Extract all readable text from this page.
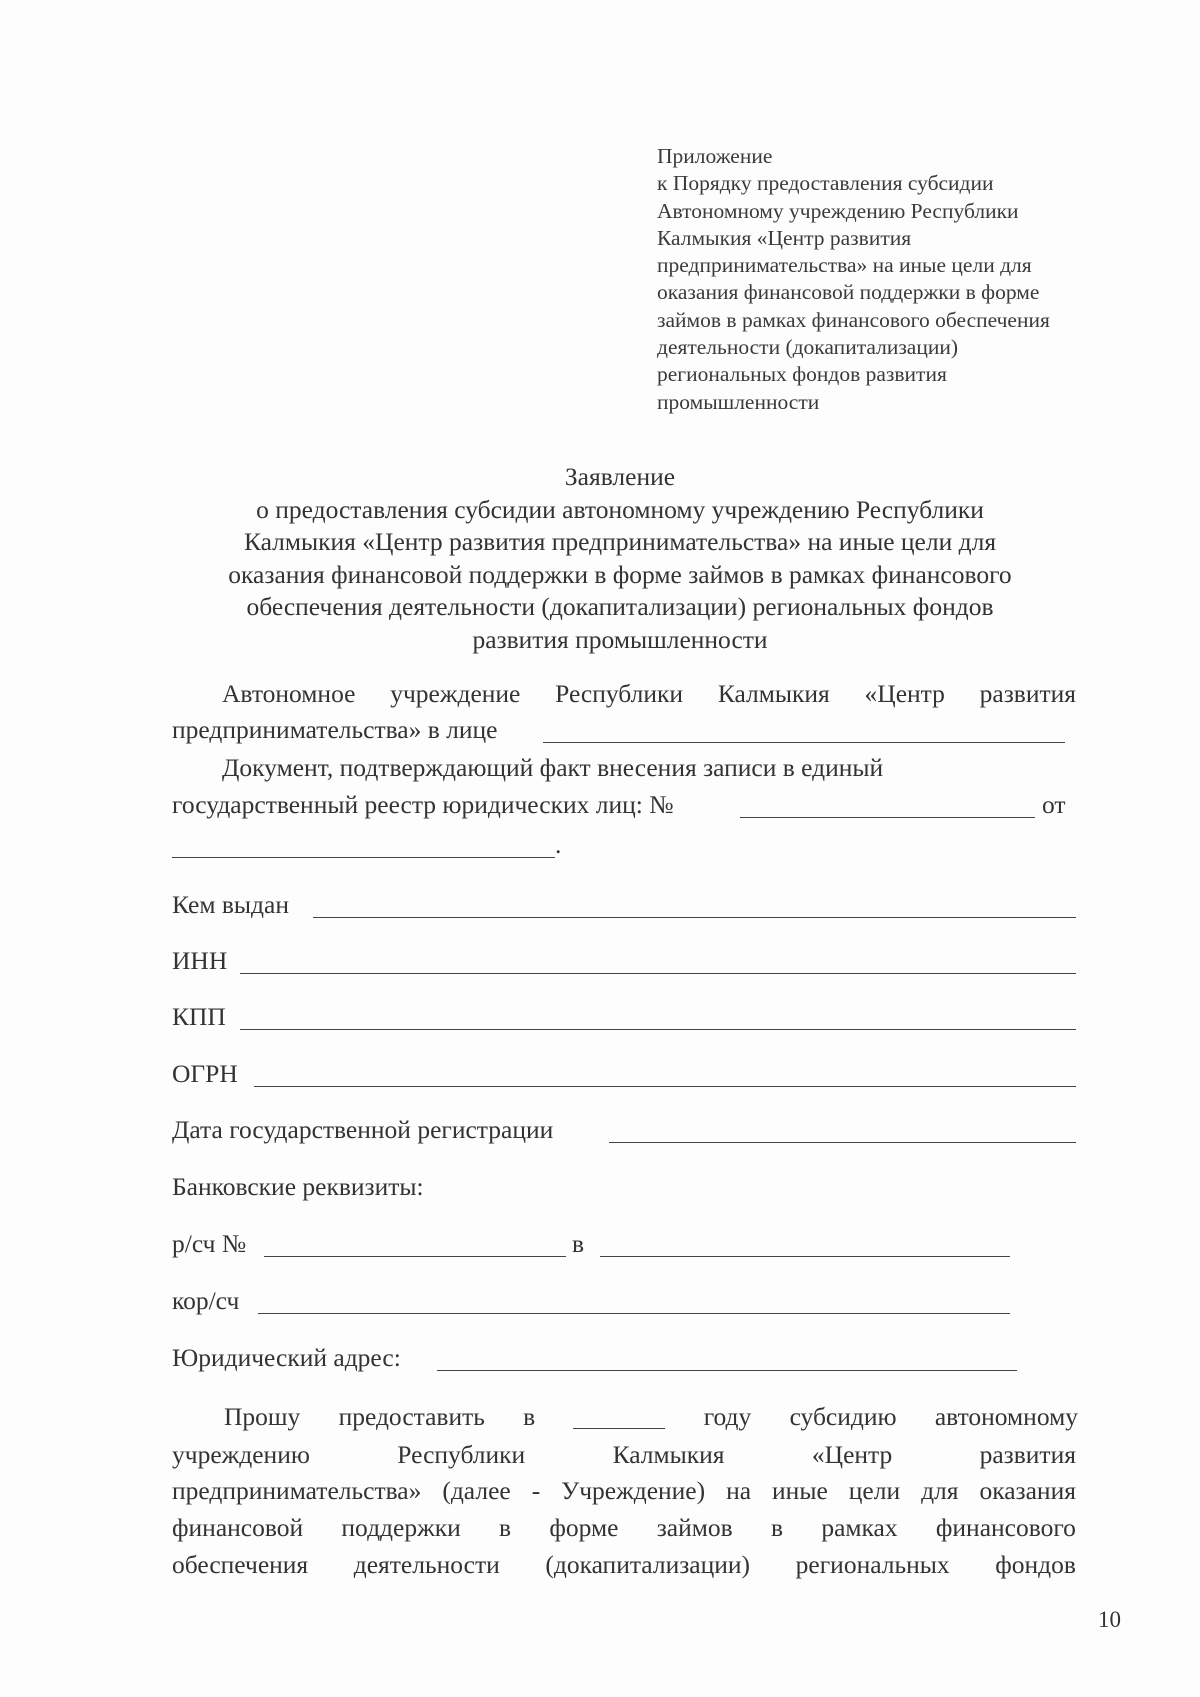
Приложение
к Порядку предоставления субсидии
Автономному учреждению Республики
Калмыкия «Центр развития
предпринимательства» на иные цели для
оказания финансовой поддержки в форме
займов в рамках финансового обеспечения
деятельности (докапитализации)
региональных фондов развития
промышленности
Заявление
о предоставления субсидии автономному учреждению Республики
Калмыкия «Центр развития предпринимательства» на иные цели для
оказания финансовой поддержки в форме займов в рамках финансового
обеспечения деятельности (докапитализации) региональных фондов
развития промышленности
Автономное учреждение Республики Калмыкия «Центр развития
предпринимательства» в лице
Документ, подтверждающий факт внесения записи в единый
государственный реестр юридических лиц: №	от
.
Кем выдан
ИНН
КПП
ОГРН
Дата государственной регистрации
Банковские реквизиты:
р/сч №	в
кор/сч
Юридический адрес:
Прошу предоставить в	году субсидию автономному
учреждению	Республики	Калмыкия	«Центр	развития
предпринимательства» (далее - Учреждение) на иные цели для оказания
финансовой поддержки в форме займов в рамках финансового
обеспечения деятельности (докапитализации) региональных фондов
10
